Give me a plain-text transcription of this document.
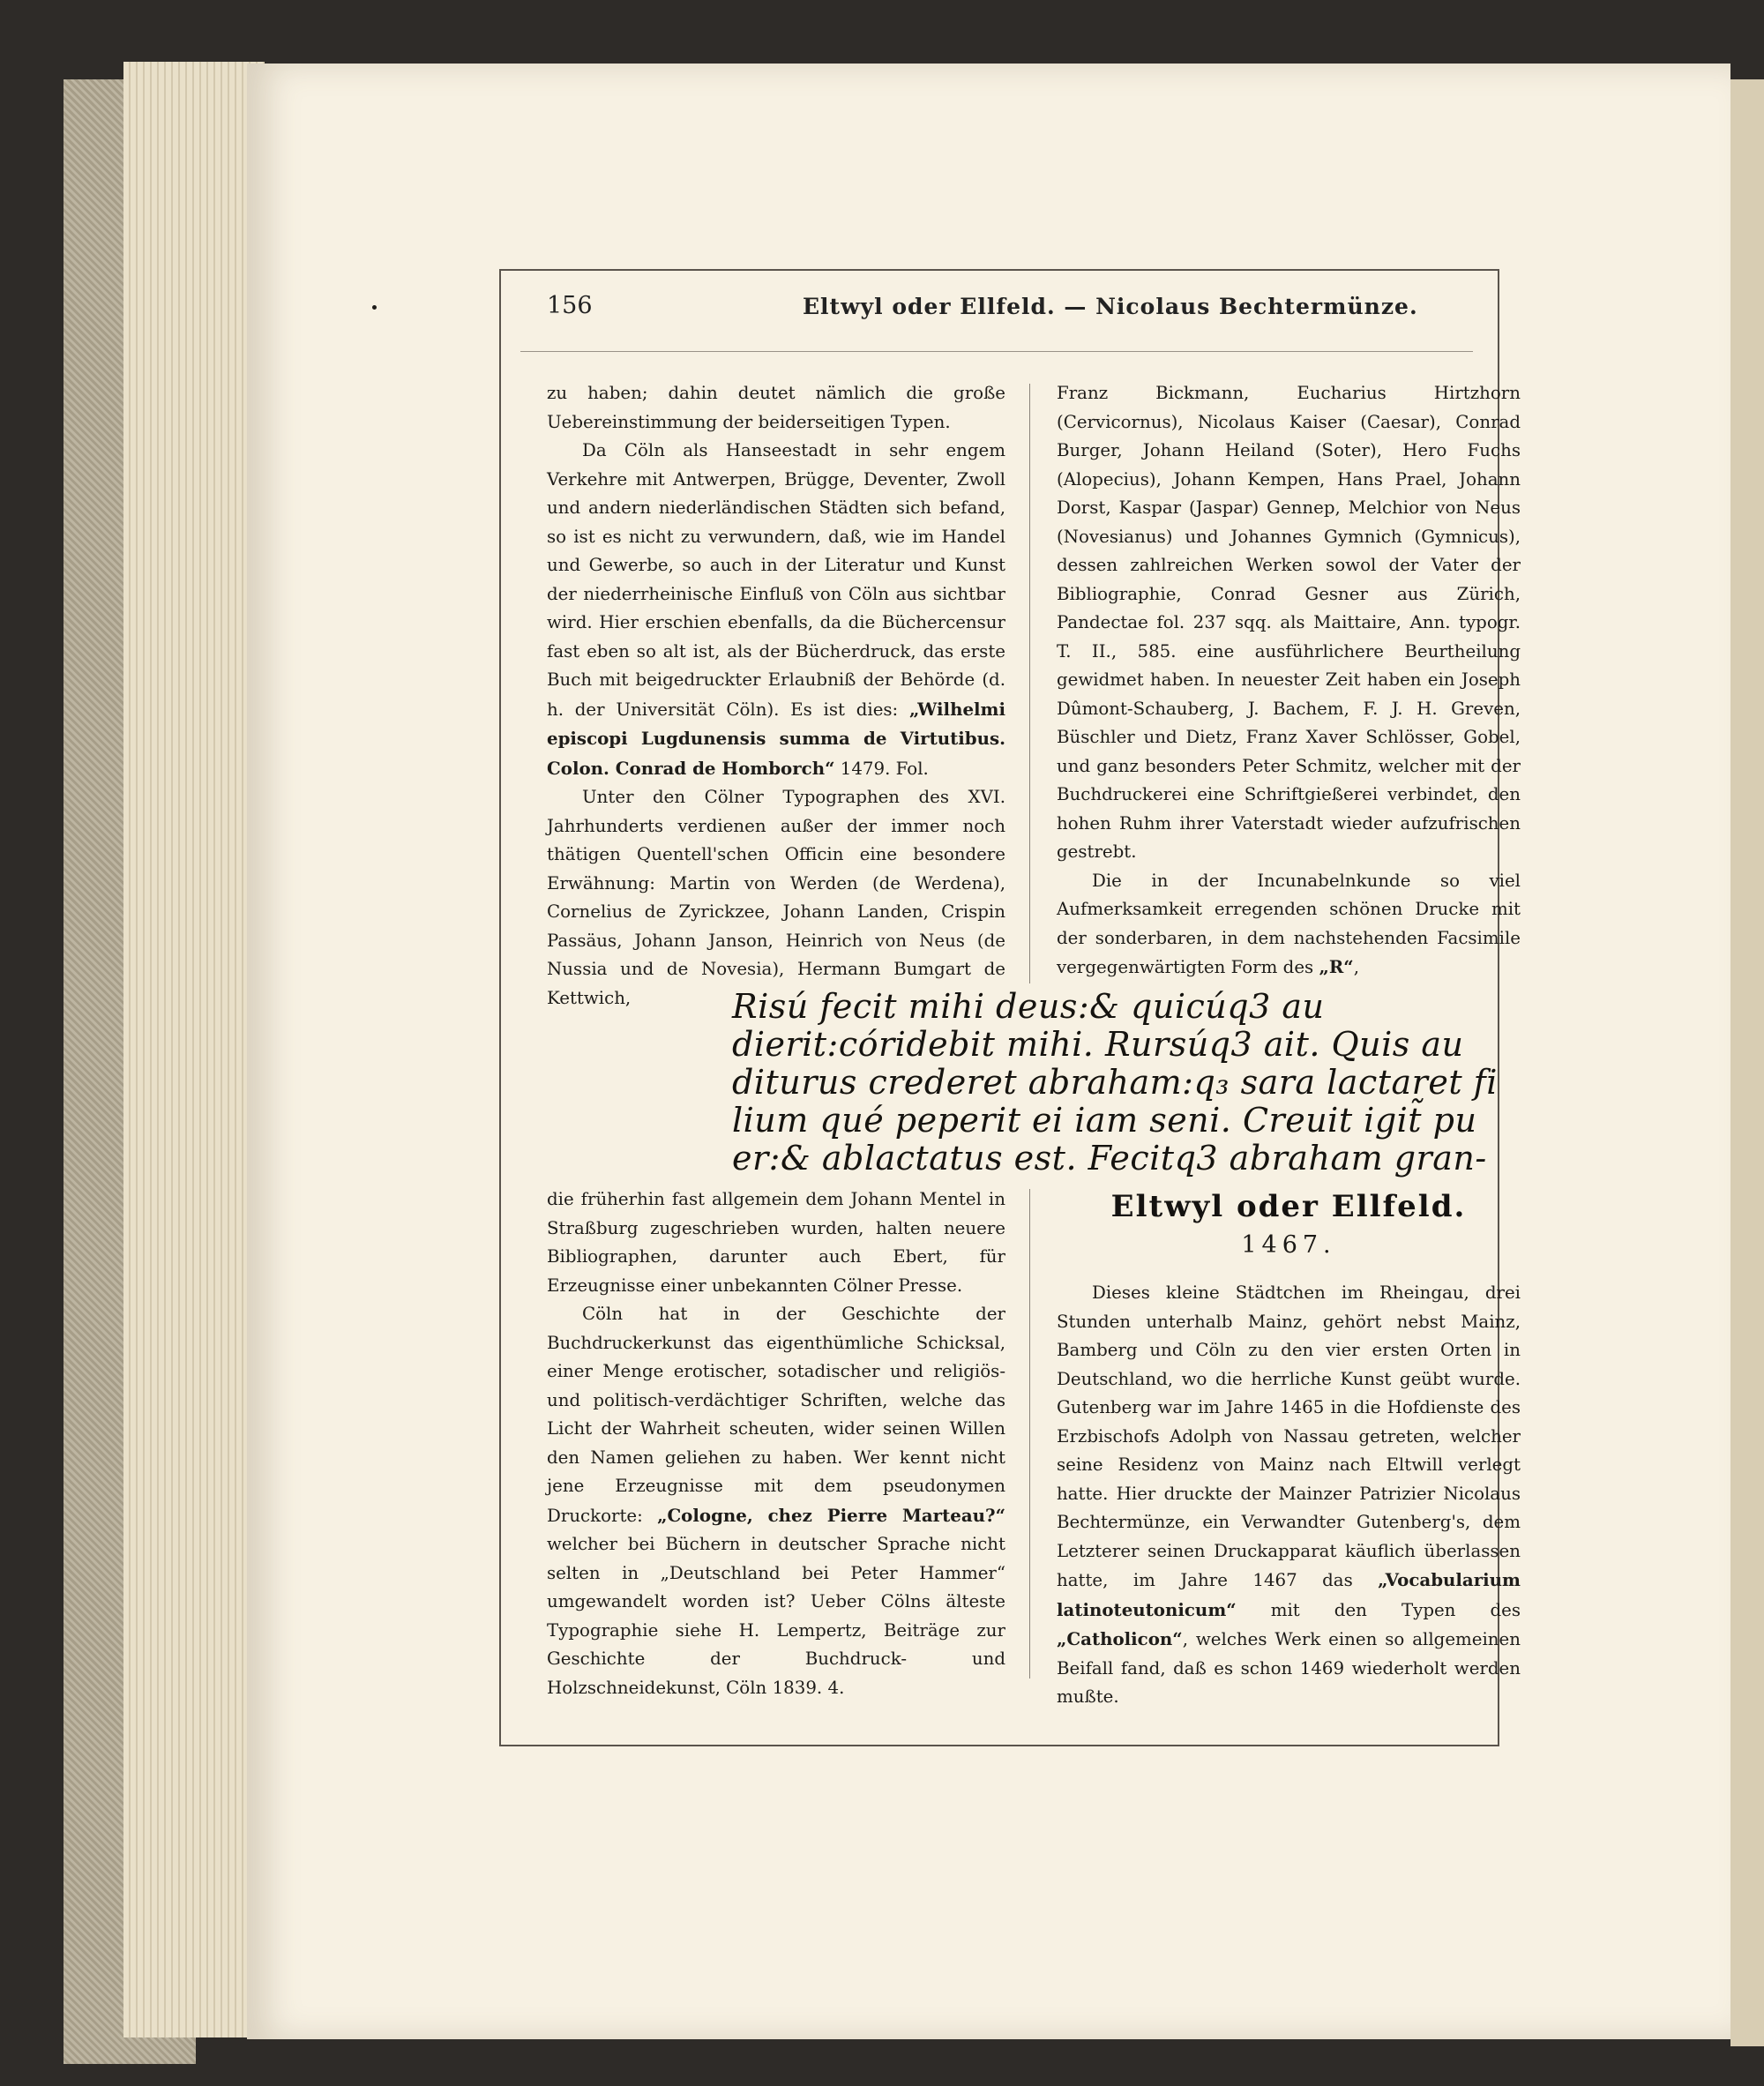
156	Eltwyl oder Ellfeld. — Nicolaus Bechtermünze.

zu haben; dahin deutet nämlich die große Uebereinstimmung der beiderseitigen Typen.

Da Cöln als Hanseestadt in sehr engem Verkehre mit Antwerpen, Brügge, Deventer, Zwoll und andern niederländischen Städten sich befand, so ist es nicht zu verwundern, daß, wie im Handel und Gewerbe, so auch in der Literatur und Kunst der niederrheinische Einfluß von Cöln aus sichtbar wird. Hier erschien ebenfalls, da die Büchercensur fast eben so alt ist, als der Bücherdruck, das erste Buch mit beigedruckter Erlaubniß der Behörde (d. h. der Universität Cöln). Es ist dies: „Wilhelmi episcopi Lugdunensis summa de Virtutibus. Colon. Conrad de Homborch“ 1479. Fol.

Unter den Cölner Typographen des XVI. Jahrhunderts verdienen außer der immer noch thätigen Quentell'schen Officin eine besondere Erwähnung: Martin von Werden (de Werdena), Cornelius de Zyrickzee, Johann Landen, Crispin Passäus, Johann Janson, Heinrich von Neus (de Nussia und de Novesia), Hermann Bumgart de Kettwich,

Franz Bickmann, Eucharius Hirtzhorn (Cervicornus), Nicolaus Kaiser (Caesar), Conrad Burger, Johann Heiland (Soter), Hero Fuchs (Alopecius), Johann Kempen, Hans Prael, Johann Dorst, Kaspar (Jaspar) Gennep, Melchior von Neus (Novesianus) und Johannes Gymnich (Gymnicus), dessen zahlreichen Werken sowol der Vater der Bibliographie, Conrad Gesner aus Zürich, Pandectae fol. 237 sqq. als Maittaire, Ann. typogr. T. II., 585. eine ausführlichere Beurtheilung gewidmet haben. In neuester Zeit haben ein Joseph Dûmont-Schauberg, J. Bachem, F. J. H. Greven, Büschler und Dietz, Franz Xaver Schlösser, Gobel, und ganz besonders Peter Schmitz, welcher mit der Buchdruckerei eine Schriftgießerei verbindet, den hohen Ruhm ihrer Vaterstadt wieder aufzufrischen gestrebt.

Die in der Incunabelnkunde so viel Aufmerksamkeit erregenden schönen Drucke mit der sonderbaren, in dem nachstehenden Facsimile vergegenwärtigten Form des „R“,

Risú fecit mihi deus:& quicúq3 au
dierit:córidebit mihi. Rursúq3 ait. Quis au
diturus crederet abraham:q₃ sara lactaret fi
lium qué peperit ei iam seni. Creuit igit̃ pu
er:& ablactatus est. Fecitq3 abraham gran-

die früherhin fast allgemein dem Johann Mentel in Straßburg zugeschrieben wurden, halten neuere Bibliographen, darunter auch Ebert, für Erzeugnisse einer unbekannten Cölner Presse.

Cöln hat in der Geschichte der Buchdruckerkunst das eigenthümliche Schicksal, einer Menge erotischer, sotadischer und religiös- und politisch-verdächtiger Schriften, welche das Licht der Wahrheit scheuten, wider seinen Willen den Namen geliehen zu haben. Wer kennt nicht jene Erzeugnisse mit dem pseudonymen Druckorte: „Cologne, chez Pierre Marteau?“ welcher bei Büchern in deutscher Sprache nicht selten in „Deutschland bei Peter Hammer“ umgewandelt worden ist? Ueber Cölns älteste Typographie siehe H. Lempertz, Beiträge zur Geschichte der Buchdruck- und Holzschneidekunst, Cöln 1839. 4.

Eltwyl oder Ellfeld.
1467.

Dieses kleine Städtchen im Rheingau, drei Stunden unterhalb Mainz, gehört nebst Mainz, Bamberg und Cöln zu den vier ersten Orten in Deutschland, wo die herrliche Kunst geübt wurde. Gutenberg war im Jahre 1465 in die Hofdienste des Erzbischofs Adolph von Nassau getreten, welcher seine Residenz von Mainz nach Eltwill verlegt hatte. Hier druckte der Mainzer Patrizier Nicolaus Bechtermünze, ein Verwandter Gutenberg's, dem Letzterer seinen Druckapparat käuflich überlassen hatte, im Jahre 1467 das „Vocabularium latinoteutonicum“ mit den Typen des „Catholicon“, welches Werk einen so allgemeinen Beifall fand, daß es schon 1469 wiederholt werden mußte.
